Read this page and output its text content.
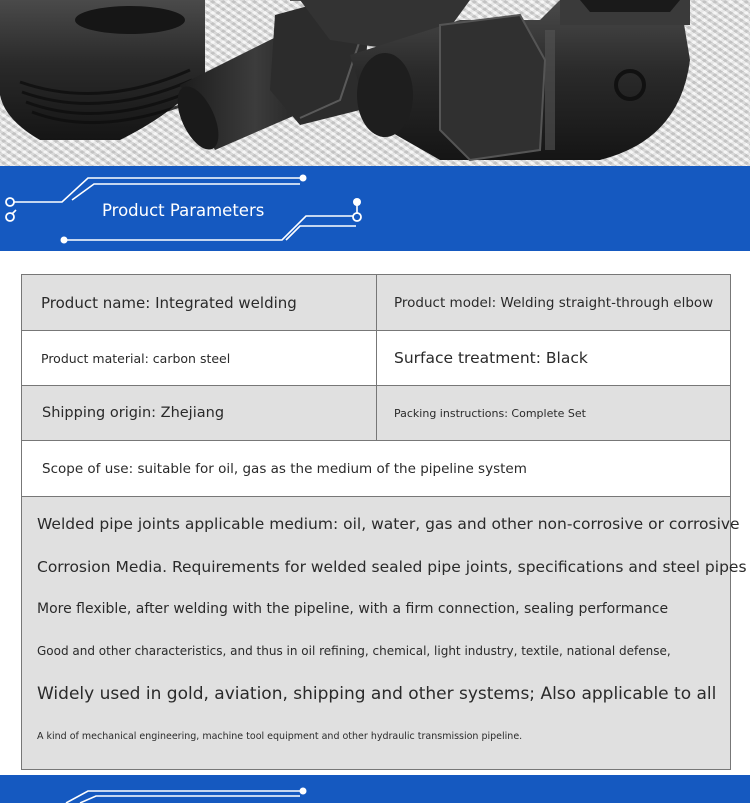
Product Parameters
Product name: Integrated welding	Product model: Welding straight-through elbow
Product material: carbon steel	Surface treatment: Black
Shipping origin: Zhejiang	Packing instructions: Complete Set
Scope of use: suitable for oil, gas as the medium of the pipeline system
Welded pipe joints applicable medium: oil, water, gas and other non-corrosive or corrosive
Corrosion Media. Requirements for welded sealed pipe joints, specifications and steel pipes
More flexible, after welding with the pipeline, with a firm connection, sealing performance
Good and other characteristics, and thus in oil refining, chemical, light industry, textile, national defense,
Widely used in gold, aviation, shipping and other systems; Also applicable to all
A kind of mechanical engineering, machine tool equipment and other hydraulic transmission pipeline.
